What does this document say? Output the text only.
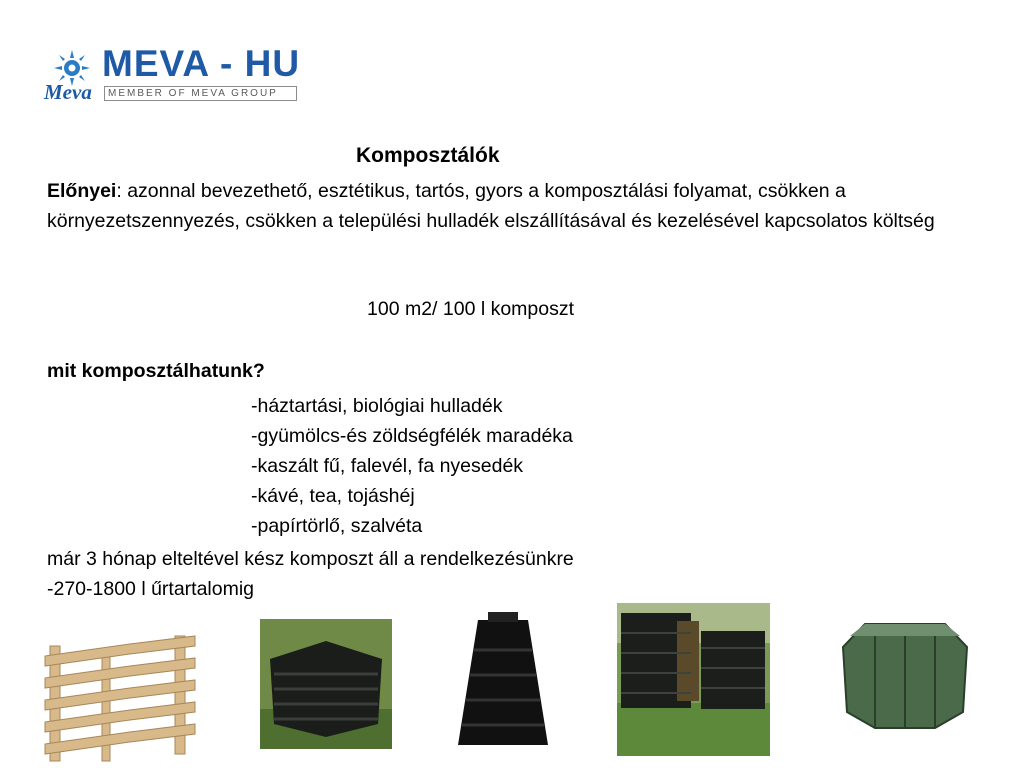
MEVA - HU
MEMBER OF MEVA GROUP
Meva
Komposztálók
Előnyei: azonnal bevezethető, esztétikus, tartós, gyors a komposztálási folyamat, csökken a környezetszennyezés, csökken a települési hulladék elszállításával és kezelésével kapcsolatos költség
100 m2/ 100 l komposzt
mit komposztálhatunk?
-háztartási, biológiai hulladék
-gyümölcs-és zöldségfélék maradéka
-kaszált fű, falevél, fa nyesedék
-kávé, tea, tojáshéj
-papírtörlő, szalvéta
már 3 hónap elteltével kész komposzt áll a rendelkezésünkre
-270-1800 l űrtartalomig
